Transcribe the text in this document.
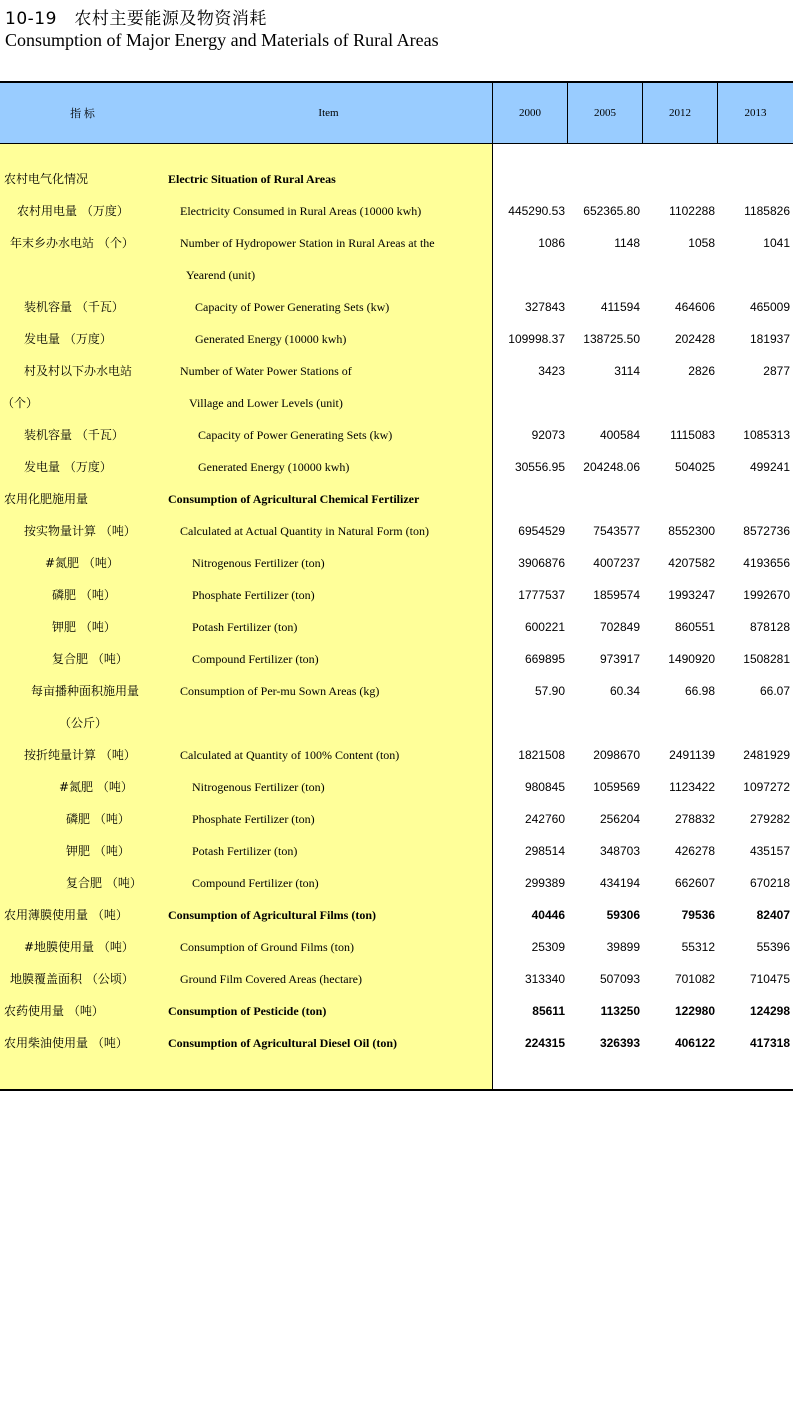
10-19　农村主要能源及物资消耗
Consumption of Major Energy and Materials of Rural Areas
指 标	Item	2000	2005	2012	2013
农村电气化情况	Electric Situation of Rural Areas
农村用电量 （万度）	Electricity Consumed in Rural Areas (10000 kwh)	445290.53 652365.80 1102288 1185826
年末乡办水电站 （个）	Number of Hydropower Station in Rural Areas at the	1086	1148	1058	1041
Yearend (unit)
装机容量 （千瓦）	Capacity of Power Generating Sets (kw)	327843	411594	464606	465009
发电量 （万度）	Generated Energy (10000 kwh)	109998.37 138725.50	202428	181937
村及村以下办水电站	Number of Water Power Stations of	3423	3114	2826	2877
（个）	Village and Lower Levels (unit)
装机容量 （千瓦）	Capacity of Power Generating Sets (kw)	92073	400584	1115083 1085313
发电量 （万度）	Generated Energy (10000 kwh)	30556.95 204248.06	504025	499241
农用化肥施用量	Consumption of Agricultural Chemical Fertilizer
按实物量计算 （吨）	Calculated at Actual Quantity in Natural Form (ton)	6954529 7543577 8552300 8572736
#氮肥 （吨）	Nitrogenous Fertilizer (ton)	3906876 4007237 4207582 4193656
磷肥 （吨）	Phosphate Fertilizer (ton)	1777537 1859574 1993247 1992670
钾肥 （吨）	Potash Fertilizer (ton)	600221	702849	860551	878128
复合肥 （吨）	Compound Fertilizer (ton)	669895	973917 1490920 1508281
每亩播种面积施用量	Consumption of Per-mu Sown Areas (kg)	57.90	60.34	66.98	66.07
（公斤）
按折纯量计算 （吨）	Calculated at Quantity of 100% Content (ton)	1821508 2098670 2491139 2481929
#氮肥 （吨）	Nitrogenous Fertilizer (ton)	980845 1059569 1123422 1097272
磷肥 （吨）	Phosphate Fertilizer (ton)	242760	256204	278832	279282
钾肥 （吨）	Potash Fertilizer (ton)	298514	348703	426278	435157
复合肥 （吨）	Compound Fertilizer (ton)	299389	434194	662607	670218
农用薄膜使用量 （吨）	Consumption of Agricultural Films (ton)	40446	59306	79536	82407
#地膜使用量 （吨）	Consumption of Ground Films (ton)	25309	39899	55312	55396
地膜覆盖面积 （公顷）	Ground Film Covered Areas (hectare)	313340	507093	701082	710475
农药使用量 （吨）	Consumption of Pesticide (ton)	85611	113250	122980	124298
农用柴油使用量 （吨）	Consumption of Agricultural Diesel Oil (ton)	224315	326393	406122	417318
